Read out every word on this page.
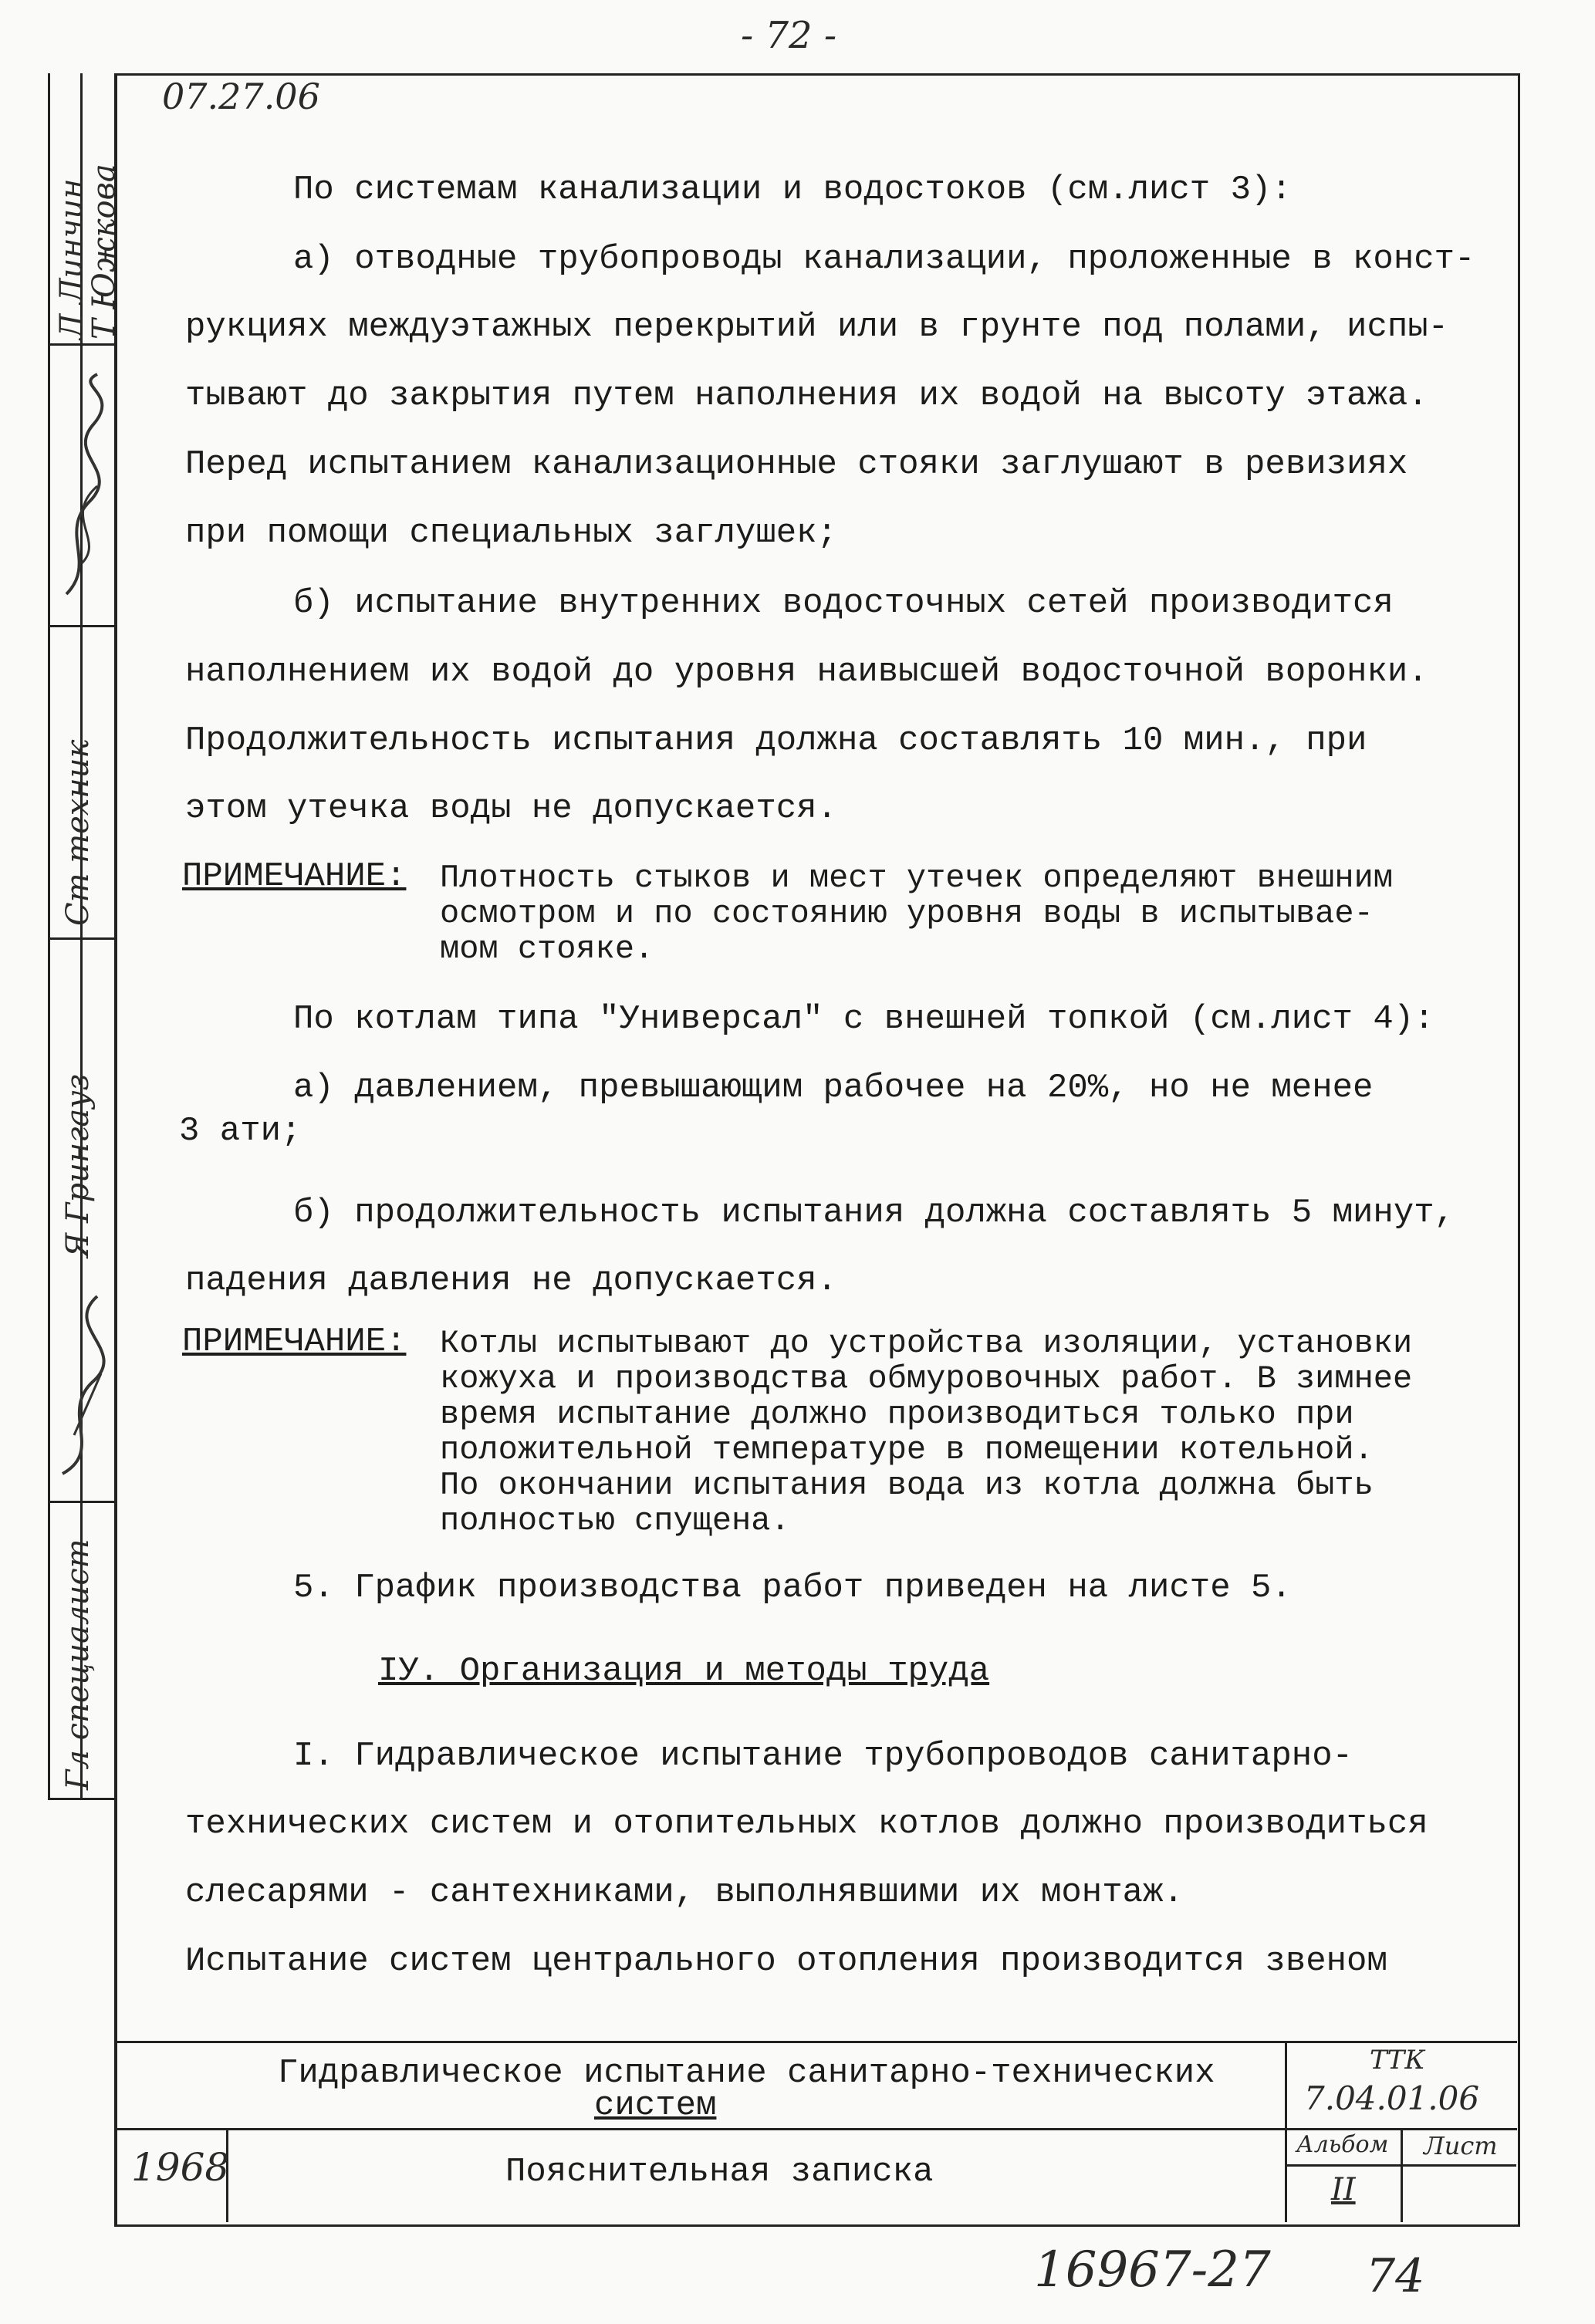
- 72 -
Л Линчин
Т Южкова
Ст техник
Я Грингауз
Гл специалист
07.27.06
По системам канализации и водостоков (см.лист 3):
а) отводные трубопроводы канализации, проложенные в конст-
рукциях междуэтажных перекрытий или в грунте под полами, испы-
тывают до закрытия путем наполнения их водой на высоту этажа.
Перед испытанием канализационные стояки заглушают в ревизиях
при помощи специальных заглушек;
б) испытание внутренних водосточных сетей производится
наполнением их водой до уровня наивысшей водосточной воронки.
Продолжительность испытания должна составлять 10 мин., при
этом утечка воды не допускается.
ПРИМЕЧАНИЕ: Плотность стыков и мест утечек определяют внешним
осмотром и по состоянию уровня воды в испытывае-
мом стояке.
По котлам типа "Универсал" с внешней топкой (см.лист 4):
а) давлением, превышающим рабочее на 20%, но не менее
3 ати;
б) продолжительность испытания должна составлять 5 минут,
падения давления не допускается.
ПРИМЕЧАНИЕ: Котлы испытывают до устройства изоляции, установки
кожуха и производства обмуровочных работ. В зимнее
время испытание должно производиться только при
положительной температуре в помещении котельной.
По окончании испытания вода из котла должна быть
полностью спущена.
5. График производства работ приведен на листе 5.
IУ. Организация и методы труда
I. Гидравлическое испытание трубопроводов санитарно-
технических систем и отопительных котлов должно производиться
слесарями - сантехниками, выполнявшими их монтаж.
Испытание систем центрального отопления производится звеном
Гидравлическое испытание санитарно-технических
систем
ТТК
7.04.01.06
1968	Пояснительная записка
Альбом
II
Лист
16967-27 74
